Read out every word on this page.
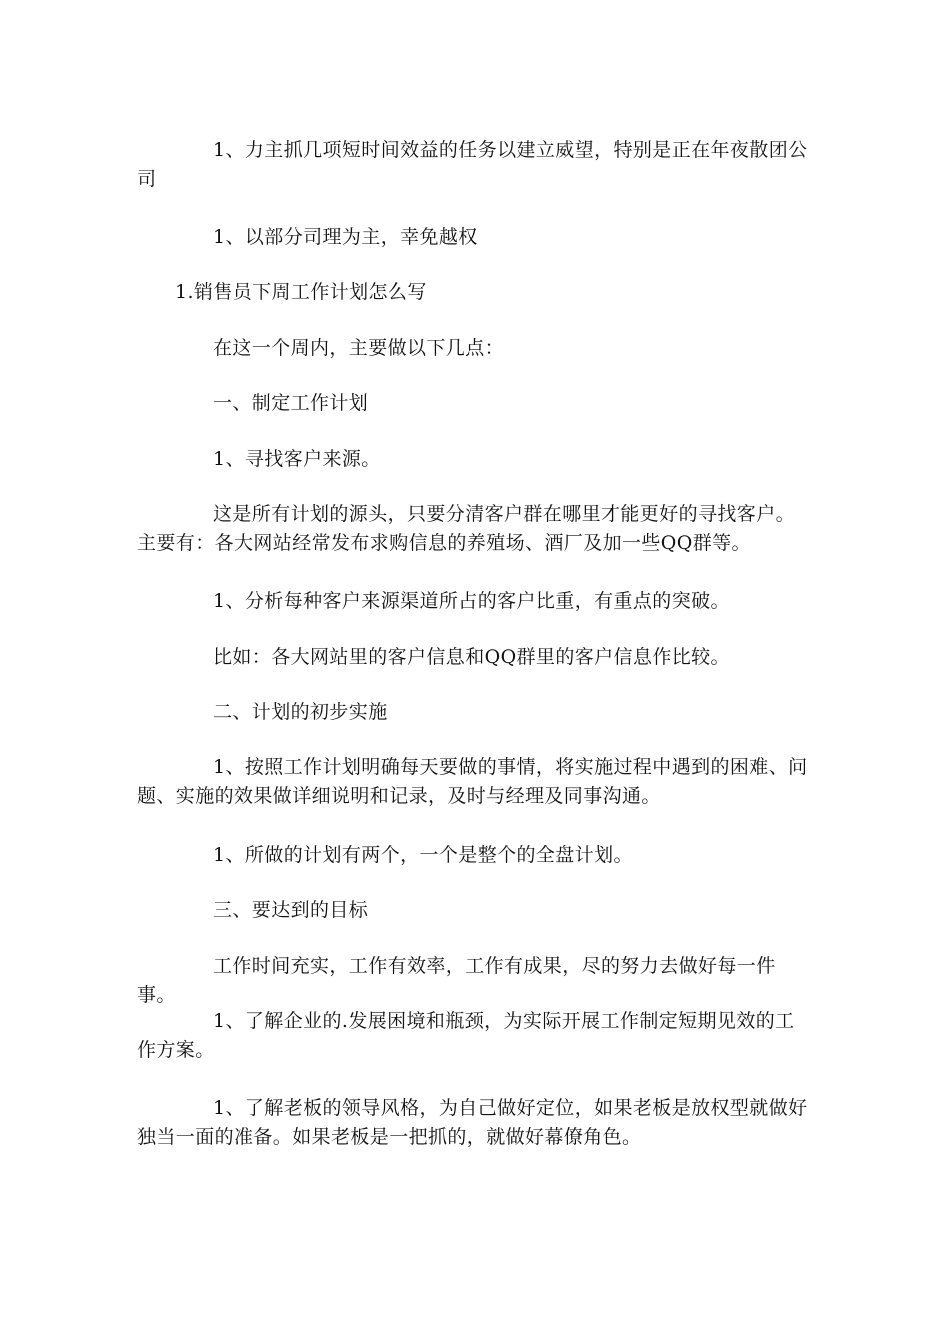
1、力主抓几项短时间效益的任务以建立威望，特别是正在年夜散团公司

1、以部分司理为主，幸免越权

1.销售员下周工作计划怎么写

在这一个周内，主要做以下几点：

一、制定工作计划

1、寻找客户来源。

这是所有计划的源头，只要分清客户群在哪里才能更好的寻找客户。主要有：各大网站经常发布求购信息的养殖场、酒厂及加一些QQ群等。

1、分析每种客户来源渠道所占的客户比重，有重点的突破。

比如：各大网站里的客户信息和QQ群里的客户信息作比较。

二、计划的初步实施

1、按照工作计划明确每天要做的事情，将实施过程中遇到的困难、问题、实施的效果做详细说明和记录，及时与经理及同事沟通。

1、所做的计划有两个，一个是整个的全盘计划。

三、要达到的目标

工作时间充实，工作有效率，工作有成果，尽的努力去做好每一件事。

1、了解企业的.发展困境和瓶颈，为实际开展工作制定短期见效的工作方案。

1、了解老板的领导风格，为自己做好定位，如果老板是放权型就做好独当一面的准备。如果老板是一把抓的，就做好幕僚角色。
